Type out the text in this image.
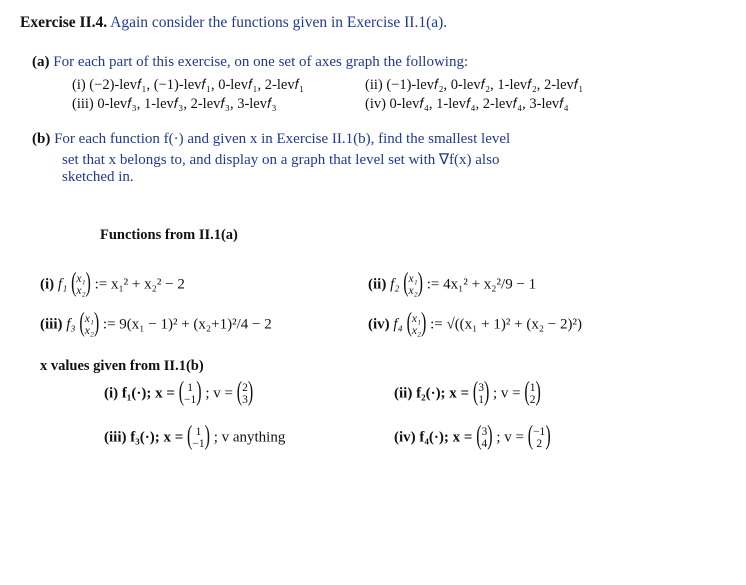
Exercise II.4. Again consider the functions given in Exercise II.1(a).
(a) For each part of this exercise, on one set of axes graph the following:
(i) (−2)-lev𝑓₁, (−1)-lev𝑓₁, 0-lev𝑓₁, 2-lev𝑓₁	(ii) (−1)-lev𝑓₂, 0-lev𝑓₂, 1-lev𝑓₂, 2-lev𝑓₁
(iii) 0-lev𝑓₃, 1-lev𝑓₃, 2-lev𝑓₃, 3-lev𝑓₃	(iv) 0-lev𝑓₄, 1-lev𝑓₄, 2-lev𝑓₄, 3-lev𝑓₄
(b) For each function f(·) and given x in Exercise II.1(b), find the smallest level
set that x belongs to, and display on a graph that level set with ∇f(x) also
sketched in.
Functions from II.1(a)
(i) f₁ (x₁
x₂) := x₁² + x₂² − 2	(ii) f₂ (x₁
x₂) := 4x₁² + x₂²/9 − 1
(iii) f₃ (x₁
x₂) := 9(x₁ − 1)² + (x₂+1)²/4 − 2	(iv) f₄ (x₁
x₂) := √((x₁ + 1)² + (x₂ − 2)²)
x values given from II.1(b)
(i) f₁(·); x = ( 1
−1) ; v = (2
3)	(ii) f₂(·); x = (3
1) ; v = (1
2)
(iii) f₃(·); x = ( 1
−1) ; v anything	(iv) f₄(·); x = (3
4) ; v = (−1
2 )
